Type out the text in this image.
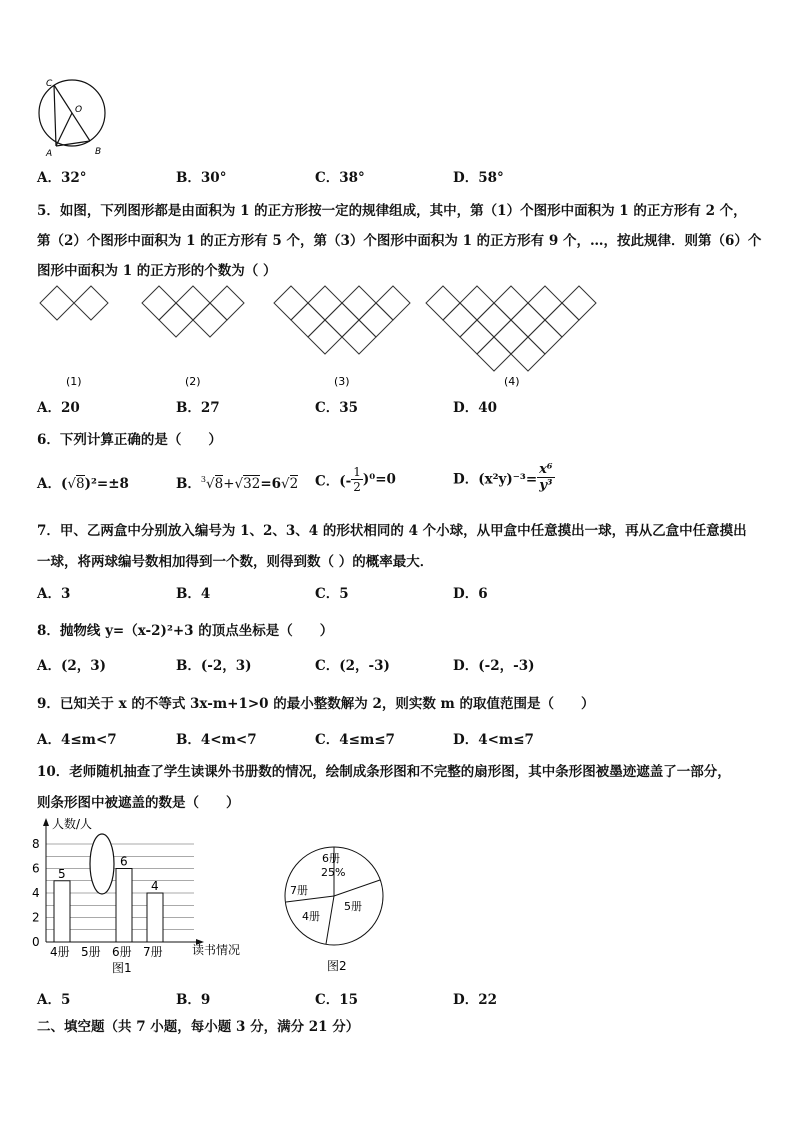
C
O
A	B
A．32°	B．30°	C．38°	D．58°
5．如图，下列图形都是由面积为 1 的正方形按一定的规律组成，其中，第（1）个图形中面积为 1 的正方形有 2 个，
第（2）个图形中面积为 1 的正方形有 5 个，第（3）个图形中面积为 1 的正方形有 9 个，…，按此规律．则第（6）个
图形中面积为 1 的正方形的个数为（ ）
(1)	(2)	(3)	(4)
A．20	B．27	C．35	D．40
6．下列计算正确的是（　　）
A．(√8)²=±8	B．$^3$√8+√32=6√2 C．(- $\frac{1}{2} )^0=0$	D．$(x^2y)^{-3}= \frac{\text{x⁶}}{\text{y³}}$
7．甲、乙两盒中分别放入编号为 1、2、3、4 的形状相同的 4 个小球，从甲盒中任意摸出一球，再从乙盒中任意摸出
一球，将两球编号数相加得到一个数，则得到数（ ）的概率最大．
A．3	B．4	C．5	D．6
8．抛物线 y=（x-2)²+3 的顶点坐标是（　　）
A．(2，3)	B．(-2，3)	C．(2，-3)	D．(-2，-3)
9．已知关于 x 的不等式 3x-m+1>0 的最小整数解为 2，则实数 m 的取值范围是（　　）
A．4≤m<7	B．4<m<7	C．4≤m≤7	D．4<m≤7
10．老师随机抽查了学生读课外书册数的情况，绘制成条形图和不完整的扇形图，其中条形图被墨迹遮盖了一部分，
则条形图中被遮盖的数是（　　）
0
2
4
6
8
5
4册 5册
6
6册
4
7册
人数/人
读书情况
图1
6册
25%
5册
4册
7册
图2
A．5	B．9	C．15	D．22
二、填空题（共 7 小题，每小题 3 分，满分 21 分）
